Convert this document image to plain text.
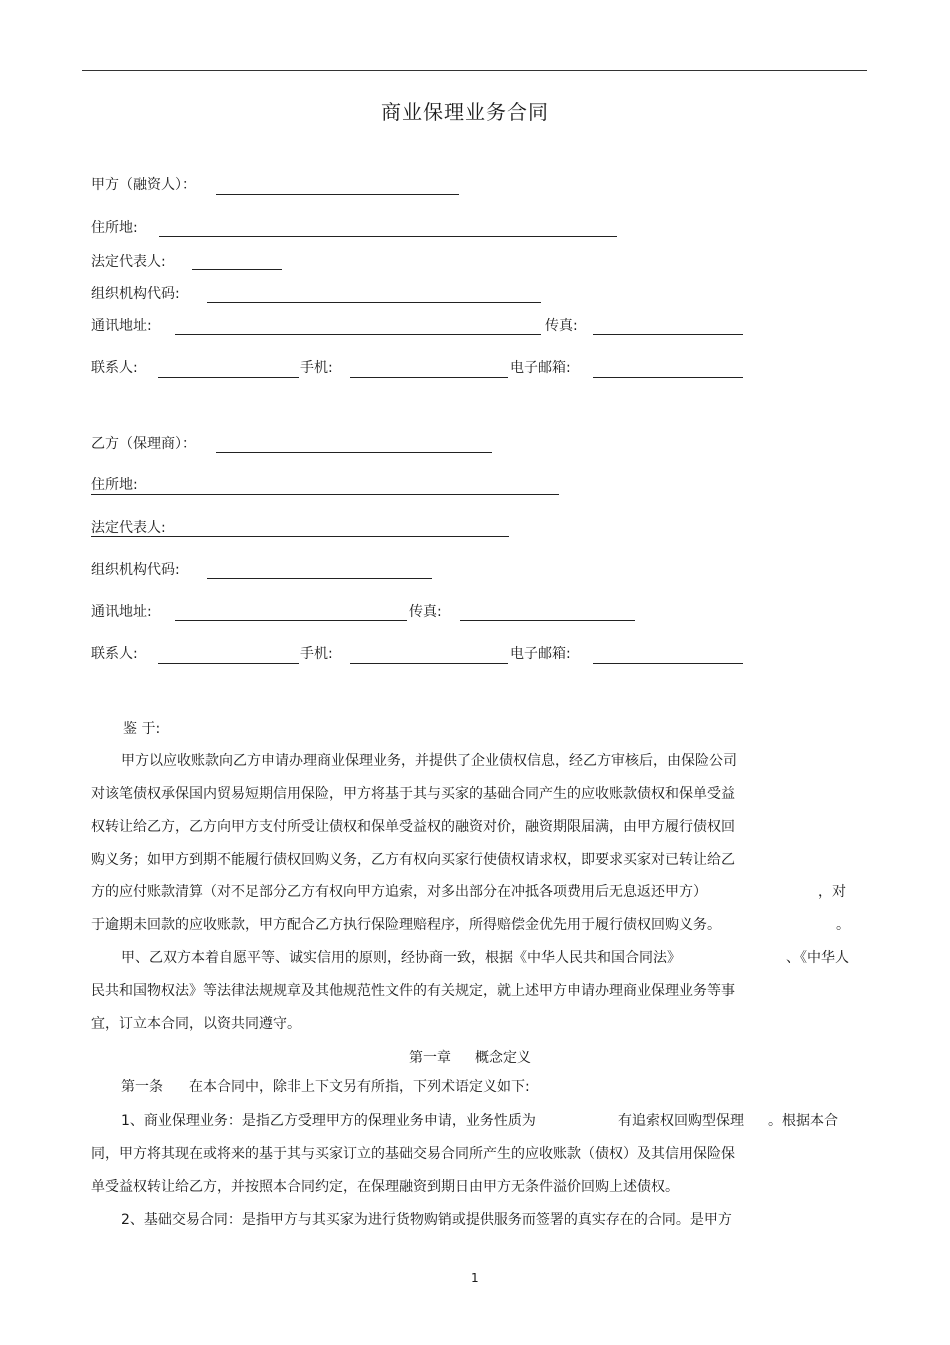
商业保理业务合同
甲方（融资人）：
住所地:
法定代表人:
组织机构代码:
通讯地址:	传真:
联系人:	手机:	电子邮箱:
乙方（保理商）：
住所地:
法定代表人:
组织机构代码:
通讯地址:	传真:
联系人:	手机:	电子邮箱:
鉴 于:
甲方以应收账款向乙方申请办理商业保理业务，并提供了企业债权信息，经乙方审核后，由保险公司
对该笔债权承保国内贸易短期信用保险，甲方将基于其与买家的基础合同产生的应收账款债权和保单受益
权转让给乙方，乙方向甲方支付所受让债权和保单受益权的融资对价，融资期限届满，由甲方履行债权回
购义务；如甲方到期不能履行债权回购义务，乙方有权向买家行使债权请求权，即要求买家对已转让给乙
方的应付账款清算（对不足部分乙方有权向甲方追索，对多出部分在冲抵各项费用后无息返还甲方）	，对
于逾期未回款的应收账款，甲方配合乙方执行保险理赔程序，所得赔偿金优先用于履行债权回购义务。	。
甲、乙双方本着自愿平等、诚实信用的原则，经协商一致，根据《中华人民共和国合同法》	、《中华人
民共和国物权法》等法律法规规章及其他规范性文件的有关规定，就上述甲方申请办理商业保理业务等事
宜，订立本合同，以资共同遵守。
第一章 概念定义
第一条 在本合同中，除非上下文另有所指，下列术语定义如下:
1、商业保理业务：是指乙方受理甲方的保理业务申请，业务性质为	有追索权回购型保理 。根据本合
同，甲方将其现在或将来的基于其与买家订立的基础交易合同所产生的应收账款（债权）及其信用保险保
单受益权转让给乙方，并按照本合同约定，在保理融资到期日由甲方无条件溢价回购上述债权。
2、基础交易合同：是指甲方与其买家为进行货物购销或提供服务而签署的真实存在的合同。是甲方
1
